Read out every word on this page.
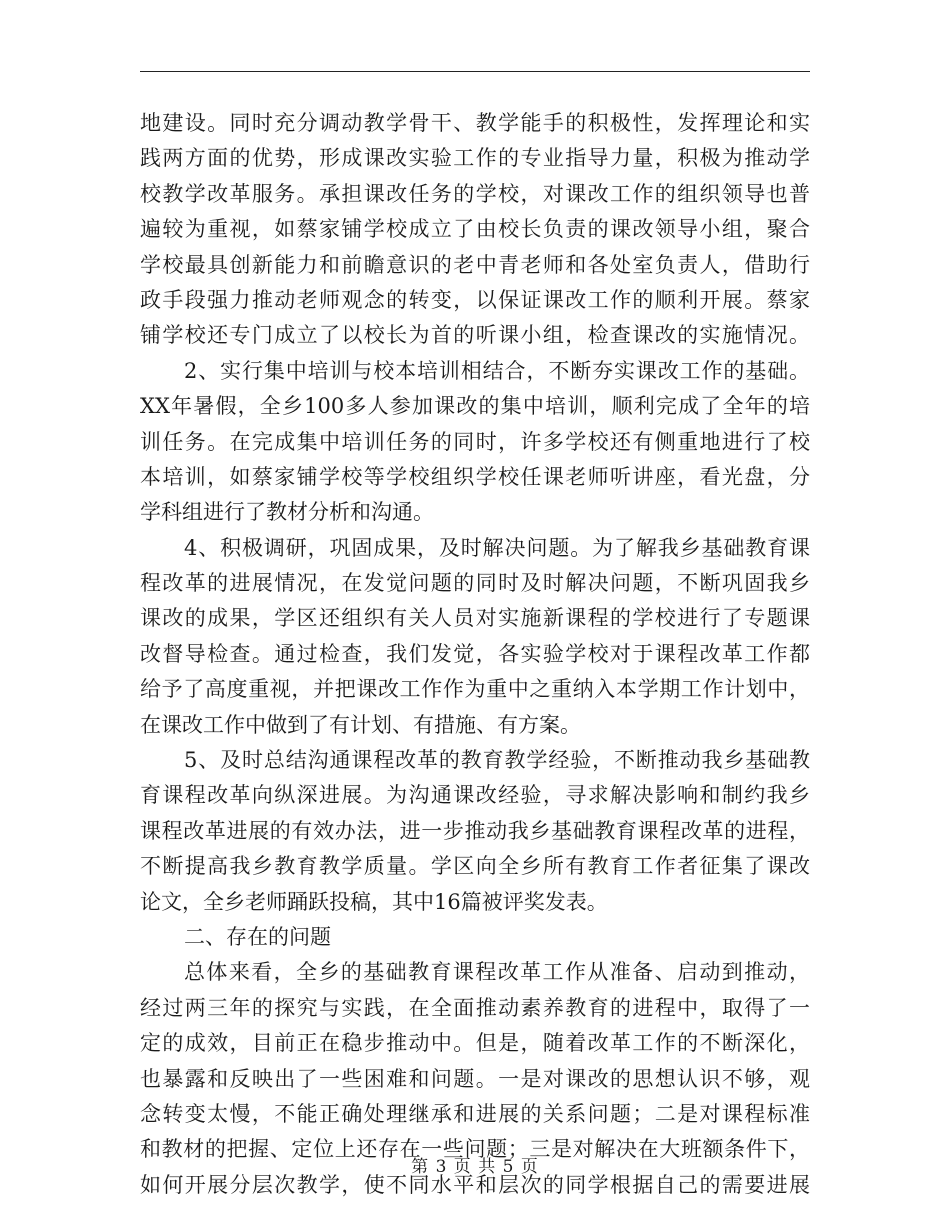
地建设。同时充分调动教学骨干、教学能手的积极性，发挥理论和实
践两方面的优势，形成课改实验工作的专业指导力量，积极为推动学
校教学改革服务。承担课改任务的学校，对课改工作的组织领导也普
遍较为重视，如蔡家铺学校成立了由校长负责的课改领导小组，聚合
学校最具创新能力和前瞻意识的老中青老师和各处室负责人，借助行
政手段强力推动老师观念的转变，以保证课改工作的顺利开展。蔡家
铺学校还专门成立了以校长为首的听课小组，检查课改的实施情况。
2、实行集中培训与校本培训相结合，不断夯实课改工作的基础。
XX年暑假，全乡100多人参加课改的集中培训，顺利完成了全年的培
训任务。在完成集中培训任务的同时，许多学校还有侧重地进行了校
本培训，如蔡家铺学校等学校组织学校任课老师听讲座，看光盘，分
学科组进行了教材分析和沟通。
4、积极调研，巩固成果，及时解决问题。为了解我乡基础教育课
程改革的进展情况，在发觉问题的同时及时解决问题，不断巩固我乡
课改的成果，学区还组织有关人员对实施新课程的学校进行了专题课
改督导检查。通过检查，我们发觉，各实验学校对于课程改革工作都
给予了高度重视，并把课改工作作为重中之重纳入本学期工作计划中，
在课改工作中做到了有计划、有措施、有方案。
5、及时总结沟通课程改革的教育教学经验，不断推动我乡基础教
育课程改革向纵深进展。为沟通课改经验，寻求解决影响和制约我乡
课程改革进展的有效办法，进一步推动我乡基础教育课程改革的进程，
不断提高我乡教育教学质量。学区向全乡所有教育工作者征集了课改
论文，全乡老师踊跃投稿，其中16篇被评奖发表。
二、存在的问题
总体来看，全乡的基础教育课程改革工作从准备、启动到推动，
经过两三年的探究与实践，在全面推动素养教育的进程中，取得了一
定的成效，目前正在稳步推动中。但是，随着改革工作的不断深化，
也暴露和反映出了一些困难和问题。一是对课改的思想认识不够，观
念转变太慢，不能正确处理继承和进展的关系问题；二是对课程标准
和教材的把握、定位上还存在一些问题；三是对解决在大班额条件下，
如何开展分层次教学，使不同水平和层次的同学根据自己的需要进展
第 3 页 共 5 页
